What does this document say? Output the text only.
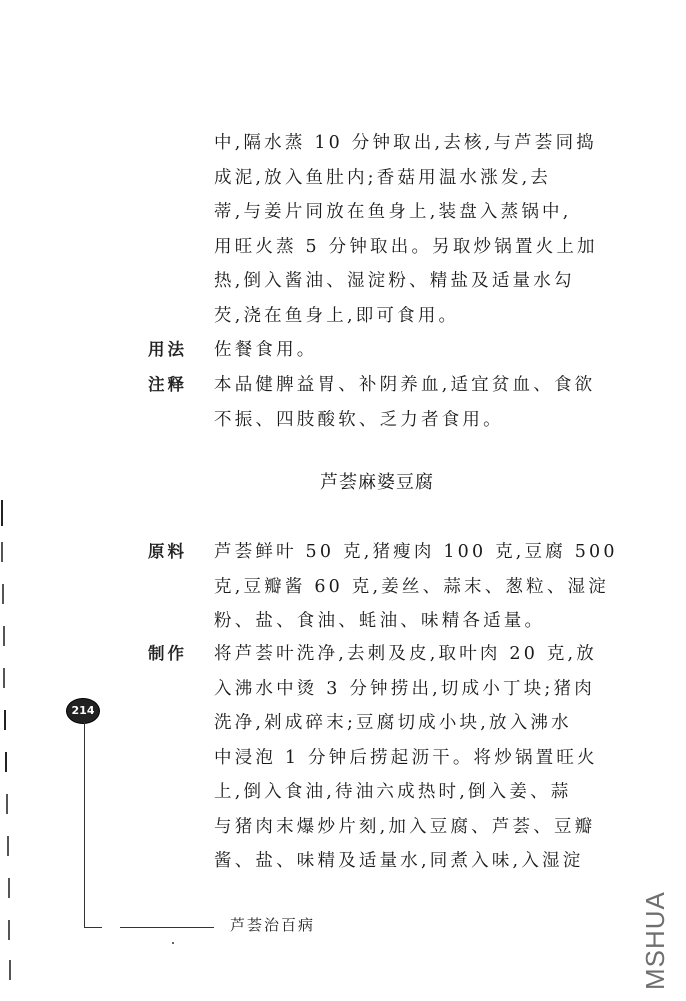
中,隔水蒸 10 分钟取出,去核,与芦荟同捣
成泥,放入鱼肚内;香菇用温水涨发,去
蒂,与姜片同放在鱼身上,装盘入蒸锅中,
用旺火蒸 5 分钟取出。另取炒锅置火上加
热,倒入酱油、湿淀粉、精盐及适量水勾
芡,浇在鱼身上,即可食用。
用法	佐餐食用。
注释	本品健脾益胃、补阴养血,适宜贫血、食欲
不振、四肢酸软、乏力者食用。
芦荟麻婆豆腐
原料	芦荟鲜叶 50 克,猪瘦肉 100 克,豆腐 500
克,豆瓣酱 60 克,姜丝、蒜末、葱粒、湿淀
粉、盐、食油、蚝油、味精各适量。
制作	将芦荟叶洗净,去刺及皮,取叶肉 20 克,放
入沸水中烫 3 分钟捞出,切成小丁块;猪肉
洗净,剁成碎末;豆腐切成小块,放入沸水
中浸泡 1 分钟后捞起沥干。将炒锅置旺火
上,倒入食油,待油六成热时,倒入姜、蒜
与猪肉末爆炒片刻,加入豆腐、芦荟、豆瓣
酱、盐、味精及适量水,同煮入味,入湿淀
214
芦荟治百病	MSHUA
